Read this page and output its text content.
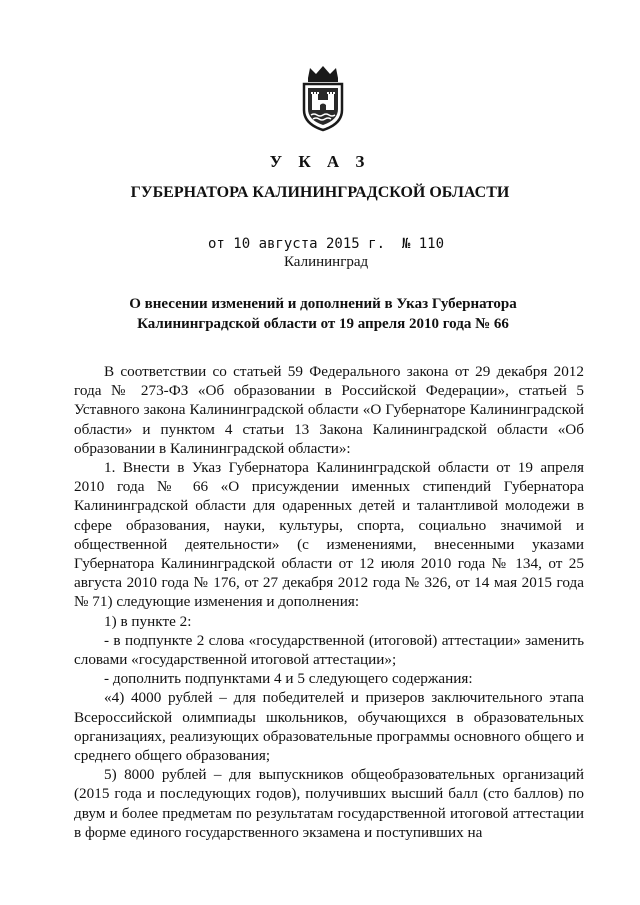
У К А З
ГУБЕРНАТОРА КАЛИНИНГРАДСКОЙ ОБЛАСТИ
от 10 августа 2015 г.  № 110
Калининград
О внесении изменений и дополнений в Указ Губернатора
Калининградской области от 19 апреля 2010 года № 66

В соответствии со статьей 59 Федерального закона от 29 декабря 2012 года № 273-ФЗ «Об образовании в Российской Федерации», статьей 5 Уставного закона Калининградской области «О Губернаторе Калининградской области» и пунктом 4 статьи 13 Закона Калининградской области «Об образовании в Калининградской области»:

1. Внести в Указ Губернатора Калининградской области от 19 апреля 2010 года № 66 «О присуждении именных стипендий Губернатора Калининградской области для одаренных детей и талантливой молодежи в сфере образования, науки, культуры, спорта, социально значимой и общественной деятельности» (с изменениями, внесенными указами Губернатора Калининградской области от 12 июля 2010 года № 134, от 25 августа 2010 года № 176, от 27 декабря 2012 года № 326, от 14 мая 2015 года № 71) следующие изменения и дополнения:

1) в пункте 2:

- в подпункте 2 слова «государственной (итоговой) аттестации» заменить словами «государственной итоговой аттестации»;

- дополнить подпунктами 4 и 5 следующего содержания:

«4) 4000 рублей – для победителей и призеров заключительного этапа Всероссийской олимпиады школьников, обучающихся в образовательных организациях, реализующих образовательные программы основного общего и среднего общего образования;

5) 8000 рублей – для выпускников общеобразовательных организаций (2015 года и последующих годов), получивших высший балл (сто баллов) по двум и более предметам по результатам государственной итоговой аттестации в форме единого государственного экзамена и поступивших на
